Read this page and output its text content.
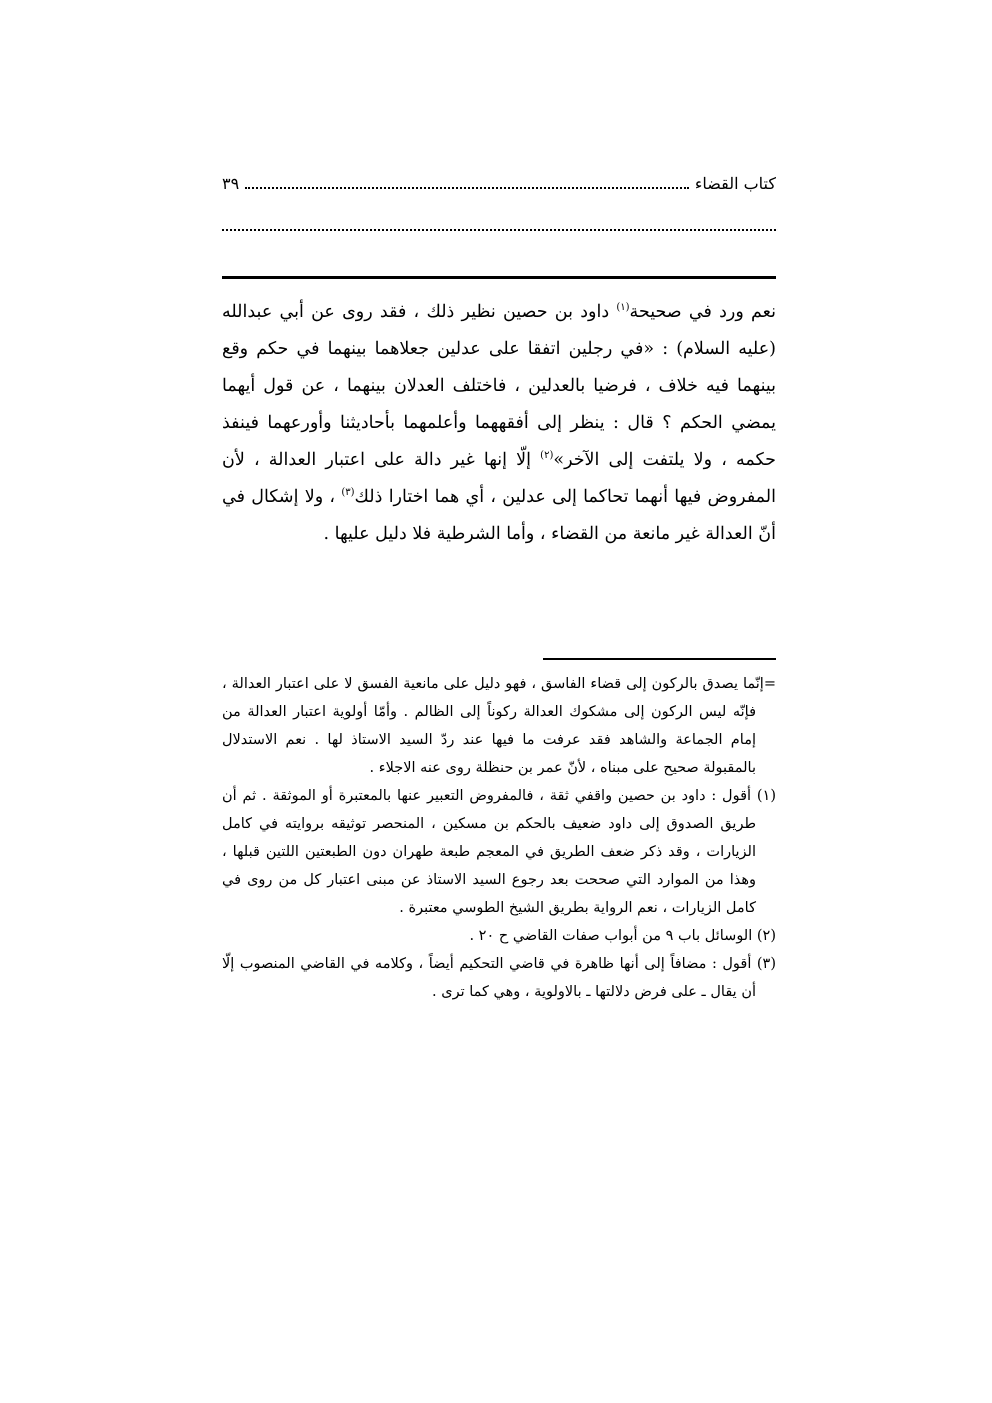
كتاب القضاء
٣٩

نعم ورد في صحيحة$^{(١)}$ داود بن حصين نظير ذلك ، فقد روى عن أبي عبدالله (عليه السلام) : «في رجلين اتفقا على عدلين جعلاهما بينهما في حكم وقع بينهما فيه خلاف ، فرضيا بالعدلين ، فاختلف العدلان بينهما ، عن قول أيهما يمضي الحكم ؟ قال : ينظر إلى أفقههما وأعلمهما بأحاديثنا وأورعهما فينفذ حكمه ، ولا يلتفت إلى الآخر»$^{(٢)}$ إلّا إنها غير دالة على اعتبار العدالة ، لأن المفروض فيها أنهما تحاكما إلى عدلين ، أي هما اختارا ذلك$^{(٣)}$ ، ولا إشكال في أنّ العدالة غير مانعة من القضاء ، وأما الشرطية فلا دليل عليها .

=إنّما يصدق بالركون إلى قضاء الفاسق ، فهو دليل على مانعية الفسق لا على اعتبار العدالة ، فإنّه ليس الركون إلى مشكوك العدالة ركوناً إلى الظالم . وأمّا أولوية اعتبار العدالة من إمام الجماعة والشاهد فقد عرفت ما فيها عند ردّ السيد الاستاذ لها . نعم الاستدلال بالمقبولة صحيح على مبناه ، لأنّ عمر بن حنظلة روى عنه الاجلاء .

(١) أقول : داود بن حصين واقفي ثقة ، فالمفروض التعبير عنها بالمعتبرة أو الموثقة . ثم أن طريق الصدوق إلى داود ضعيف بالحكم بن مسكين ، المنحصر توثيقه بروايته في كامل الزيارات ، وقد ذكر ضعف الطريق في المعجم طبعة طهران دون الطبعتين اللتين قبلها ، وهذا من الموارد التي صححت بعد رجوع السيد الاستاذ عن مبنى اعتبار كل من روى في كامل الزيارات ، نعم الرواية بطريق الشيخ الطوسي معتبرة .

(٢) الوسائل باب ٩ من أبواب صفات القاضي ح ٢٠ .

(٣) أقول : مضافاً إلى أنها ظاهرة في قاضي التحكيم أيضاً ، وكلامه في القاضي المنصوب إلّا أن يقال ـ على فرض دلالتها ـ بالاولوية ، وهي كما ترى .
